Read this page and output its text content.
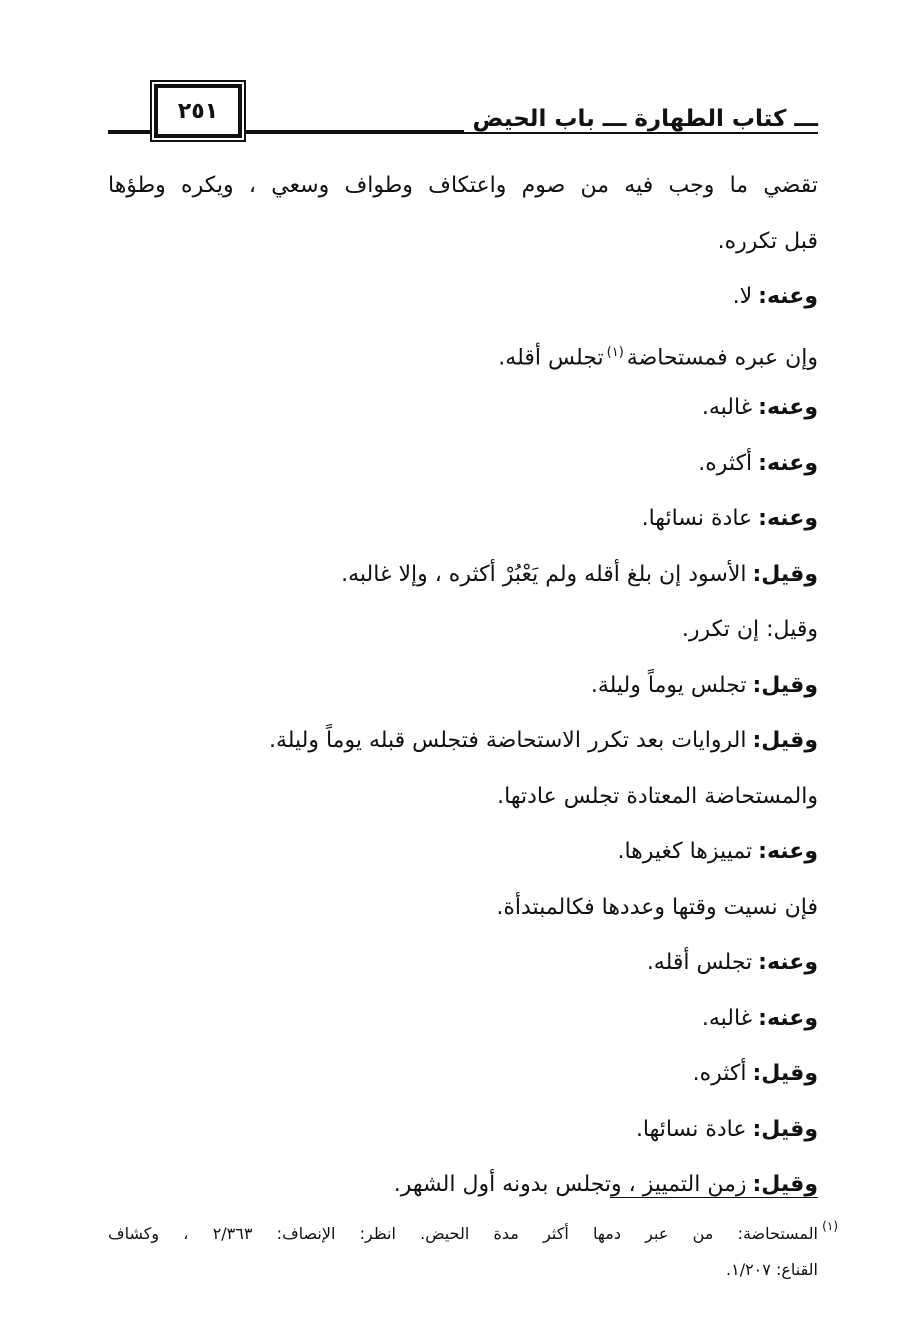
٢٥١	ـــ كتاب الطهارة ـــ باب الحيض
تقضي ما وجب فيه من صوم واعتكاف وطواف وسعي ، ويكره وطؤها
قبل تكرره.
وعنه:لا.
وإن عبره فمستحاضة$^{(١)}$تجلس أقله.
وعنه:غالبه.
وعنه:أكثره.
وعنه:عادة نسائها.
وقيل:الأسود إن بلغ أقله ولم يَعْبُرْ أكثره ، وإلا غالبه.
وقيل: إن تكرر.
وقيل:تجلس يوماً وليلة.
وقيل:الروايات بعد تكرر الاستحاضة فتجلس قبله يوماً وليلة.
والمستحاضة المعتادة تجلس عادتها.
وعنه:تمييزها كغيرها.
فإن نسيت وقتها وعددها فكالمبتدأة.
وعنه:تجلس أقله.
وعنه:غالبه.
وقيل:أكثره.
وقيل:عادة نسائها.
وقيل:زمن التمييز ، وتجلس بدونه أول الشهر.
(١)
المستحاضة: من عبر دمها أكثر مدة الحيض. انظر: الإنصاف: ٢/٣٦٣ ، وكشاف
القناع: ١/٢٠٧.
